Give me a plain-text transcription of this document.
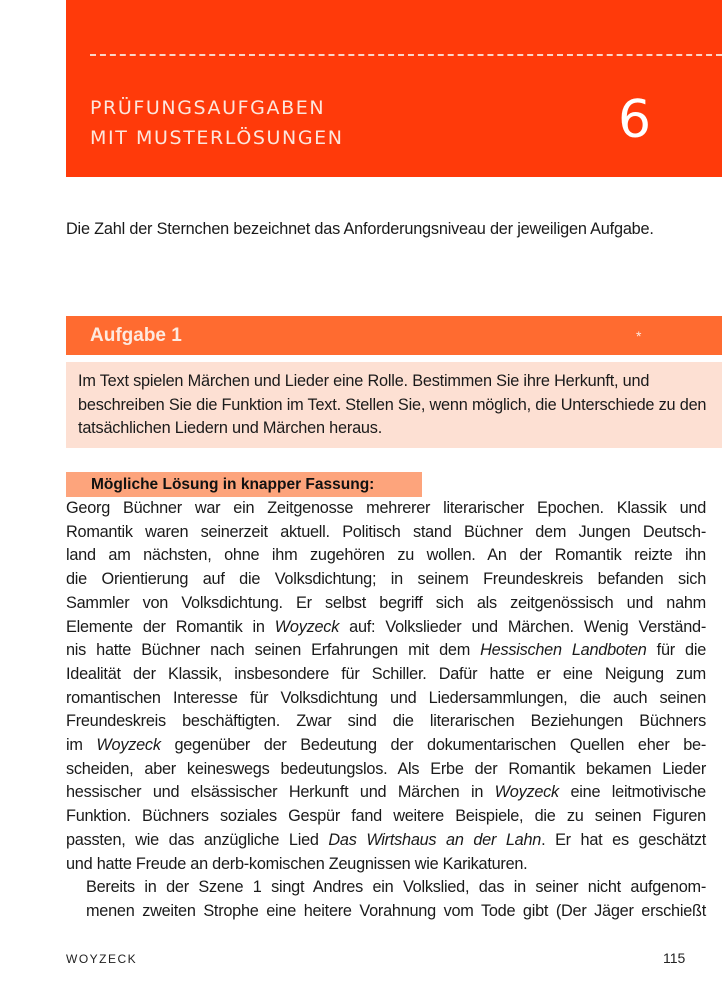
PRÜFUNGSAUFGABEN
MIT MUSTERLÖSUNGEN	6
Die Zahl der Sternchen bezeichnet das Anforderungsniveau der jeweiligen Aufgabe.
Aufgabe 1	*
Im Text spielen Märchen und Lieder eine Rolle. Bestimmen Sie ihre Herkunft, und beschreiben Sie die Funktion im Text. Stellen Sie, wenn möglich, die Unterschiede zu den tatsächlichen Liedern und Märchen heraus.
Mögliche Lösung in knapper Fassung:

Georg Büchner war ein Zeitgenosse mehrerer literarischer Epochen. Klassik und
Romantik waren seinerzeit aktuell. Politisch stand Büchner dem Jungen Deutsch-
land am nächsten, ohne ihm zugehören zu wollen. An der Romantik reizte ihn
die Orientierung auf die Volksdichtung; in seinem Freundeskreis befanden sich
Sammler von Volksdichtung. Er selbst begriff sich als zeitgenössisch und nahm
Elemente der Romantik in Woyzeck auf: Volkslieder und Märchen. Wenig Verständ-
nis hatte Büchner nach seinen Erfahrungen mit dem Hessischen Landboten für die
Idealität der Klassik, insbesondere für Schiller. Dafür hatte er eine Neigung zum
romantischen Interesse für Volksdichtung und Liedersammlungen, die auch seinen
Freundeskreis beschäftigten. Zwar sind die literarischen Beziehungen Büchners
im Woyzeck gegenüber der Bedeutung der dokumentarischen Quellen eher be-
scheiden, aber keineswegs bedeutungslos. Als Erbe der Romantik bekamen Lieder
hessischer und elsässischer Herkunft und Märchen in Woyzeck eine leitmotivische
Funktion. Büchners soziales Gespür fand weitere Beispiele, die zu seinen Figuren
passten, wie das anzügliche Lied Das Wirtshaus an der Lahn. Er hat es geschätzt
und hatte Freude an derb-komischen Zeugnissen wie Karikaturen.

Bereits in der Szene 1 singt Andres ein Volkslied, das in seiner nicht aufgenom-
menen zweiten Strophe eine heitere Vorahnung vom Tode gibt (Der Jäger erschießt

WOYZECK	115
